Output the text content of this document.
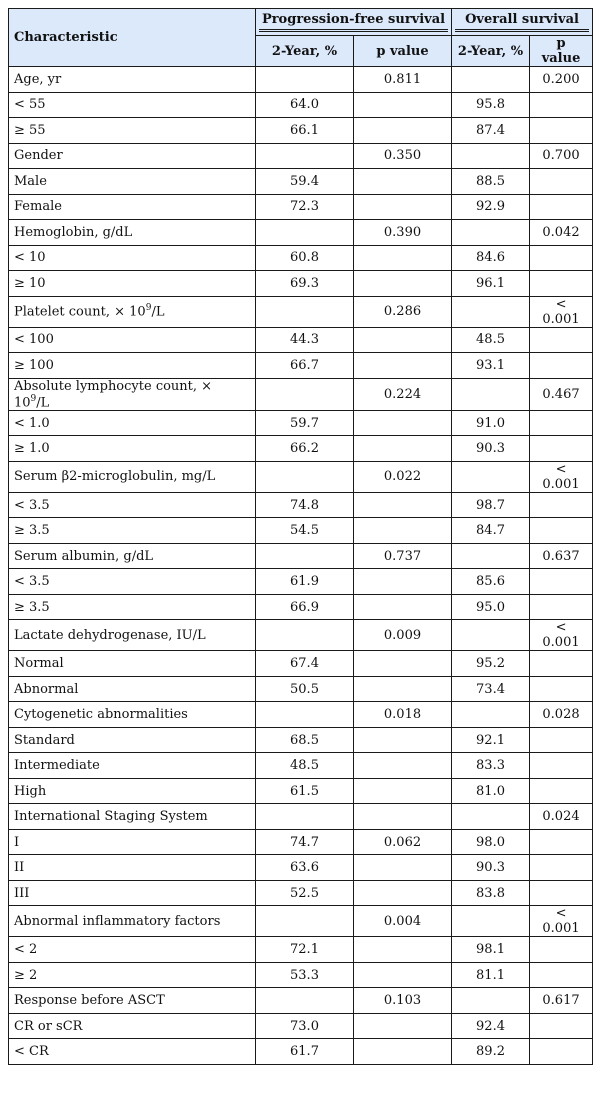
Characteristic	Progression-free survival		Overall survival	

	2-Year, %	p value	2-Year, %	p value
Age, yr		0.811		0.200
< 55	64.0		95.8	
≥ 55	66.1		87.4	
Gender		0.350		0.700
Male	59.4		88.5	
Female	72.3		92.9	
Hemoglobin, g/dL		0.390		0.042
< 10	60.8		84.6	
≥ 10	69.3		96.1	
Platelet count, × $10^9/L$		0.286		< 0.001
< 100	44.3		48.5	
≥ 100	66.7		93.1	
Absolute lymphocyte count, × $10^9/L$		0.224		0.467
< 1.0	59.7		91.0	
≥ 1.0	66.2		90.3	
Serum β2-microglobulin, mg/L		0.022		< 0.001
< 3.5	74.8		98.7	
≥ 3.5	54.5		84.7	
Serum albumin, g/dL		0.737		0.637
< 3.5	61.9		85.6	
≥ 3.5	66.9		95.0	
Lactate dehydrogenase, IU/L		0.009		< 0.001
Normal	67.4		95.2	
Abnormal	50.5		73.4	
Cytogenetic abnormalities		0.018		0.028
Standard	68.5		92.1	
Intermediate	48.5		83.3	
High	61.5		81.0	
International Staging System				0.024
I	74.7	0.062	98.0	
II	63.6		90.3	
III	52.5		83.8	
Abnormal inflammatory factors		0.004		< 0.001
< 2	72.1		98.1	
≥ 2	53.3		81.1	
Response before ASCT		0.103		0.617
CR or sCR	73.0		92.4	
< CR	61.7		89.2	
